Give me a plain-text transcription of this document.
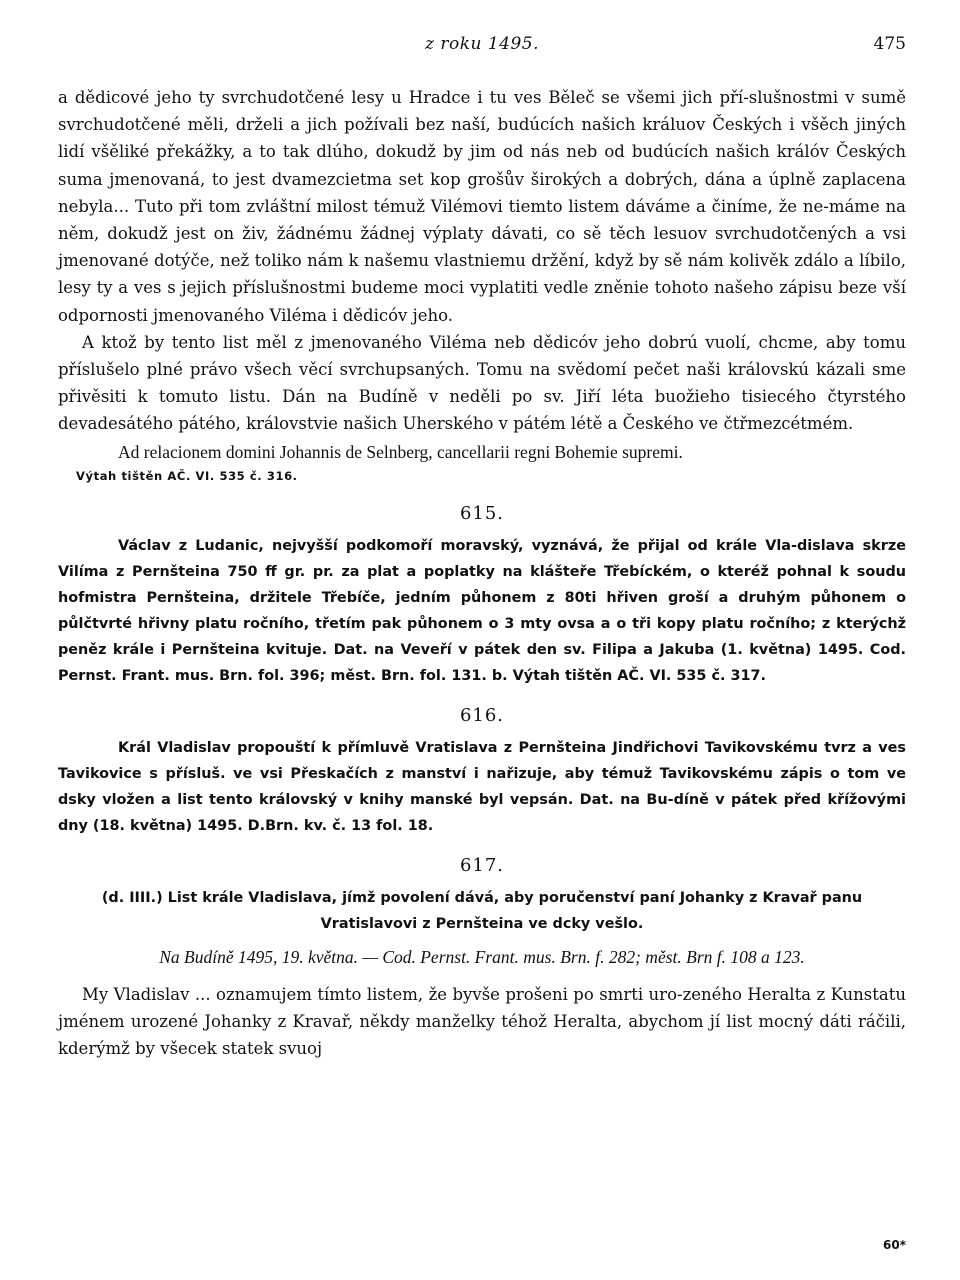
z roku 1495.	475

a dědicové jeho ty svrchudotčené lesy u Hradce i tu ves Běleč se všemi jich pří-slušnostmi v sumě svrchudotčené měli, drželi a jich požívali bez naší, budúcích našich králuov Českých i všěch jiných lidí všěliké překážky, a to tak dlúho, dokudž by jim od nás neb od budúcích našich králóv Českých suma jmenovaná, to jest dvamezcietma set kop grošův širokých a dobrých, dána a úplně zaplacena nebyla... Tuto při tom zvláštní milost témuž Vilémovi tiemto listem dáváme a činíme, že ne-máme na něm, dokudž jest on živ, žádnému žádnej výplaty dávati, co sě těch lesuov svrchudotčených a vsi jmenované dotýče, než toliko nám k našemu vlastniemu držění, když by sě nám kolivěk zdálo a líbilo, lesy ty a ves s jejich příslušnostmi budeme moci vyplatiti vedle zněnie tohoto našeho zápisu beze vší odpornosti jmenovaného Viléma i dědicóv jeho.

A ktož by tento list měl z jmenovaného Viléma neb dědicóv jeho dobrú vuolí, chcme, aby tomu příslušelo plné právo všech věcí svrchupsaných. Tomu na svědomí pečet naši královskú kázali sme přivěsiti k tomuto listu. Dán na Budíně v neděli po sv. Jiří léta buožieho tisiecého čtyrstého devadesátého pátého, královstvie našich Uherského v pátém létě a Českého ve čtřmezcétmém.

Ad relacionem domini Johannis de Selnberg, cancellarii regni Bohemie supremi.

Výtah tištěn AČ. VI. 535 č. 316.
615.

Václav z Ludanic, nejvyšší podkomoří moravský, vyznává, že přijal od krále Vla-dislava skrze Vilíma z Pernšteina 750 ff gr. pr. za plat a poplatky na klášteře Třebíckém, o kteréž pohnal k soudu hofmistra Pernšteina, držitele Třebíče, jedním půhonem z 80ti hřiven groší a druhým půhonem o půlčtvrté hřivny platu ročního, třetím pak půhonem o 3 mty ovsa a o tři kopy platu ročního; z kterýchž peněz krále i Pernšteina kvituje. Dat. na Veveří v pátek den sv. Filipa a Jakuba (1. května) 1495. Cod. Pernst. Frant. mus. Brn. fol. 396; měst. Brn. fol. 131. b. Výtah tištěn AČ. VI. 535 č. 317.

616.

Král Vladislav propouští k přímluvě Vratislava z Pernšteina Jindřichovi Tavikovskému tvrz a ves Tavikovice s přísluš. ve vsi Přeskačích z manství i nařizuje, aby témuž Tavikovskému zápis o tom ve dsky vložen a list tento královský v knihy manské byl vepsán. Dat. na Bu-díně v pátek před křížovými dny (18. května) 1495. D.Brn. kv. č. 13 fol. 18.

617.

(d. IIII.) List krále Vladislava, jímž povolení dává, aby poručenství paní Johanky z Kravař panu Vratislavovi z Pernšteina ve dcky vešlo.

Na Budíně 1495, 19. května. — Cod. Pernst. Frant. mus. Brn. f. 282; měst. Brn f. 108 a 123.

My Vladislav ... oznamujem tímto listem, že byvše prošeni po smrti uro-zeného Heralta z Kunstatu jménem urozené Johanky z Kravař, někdy manželky téhož Heralta, abychom jí list mocný dáti ráčili, kderýmž by všecek statek svuoj

60*
